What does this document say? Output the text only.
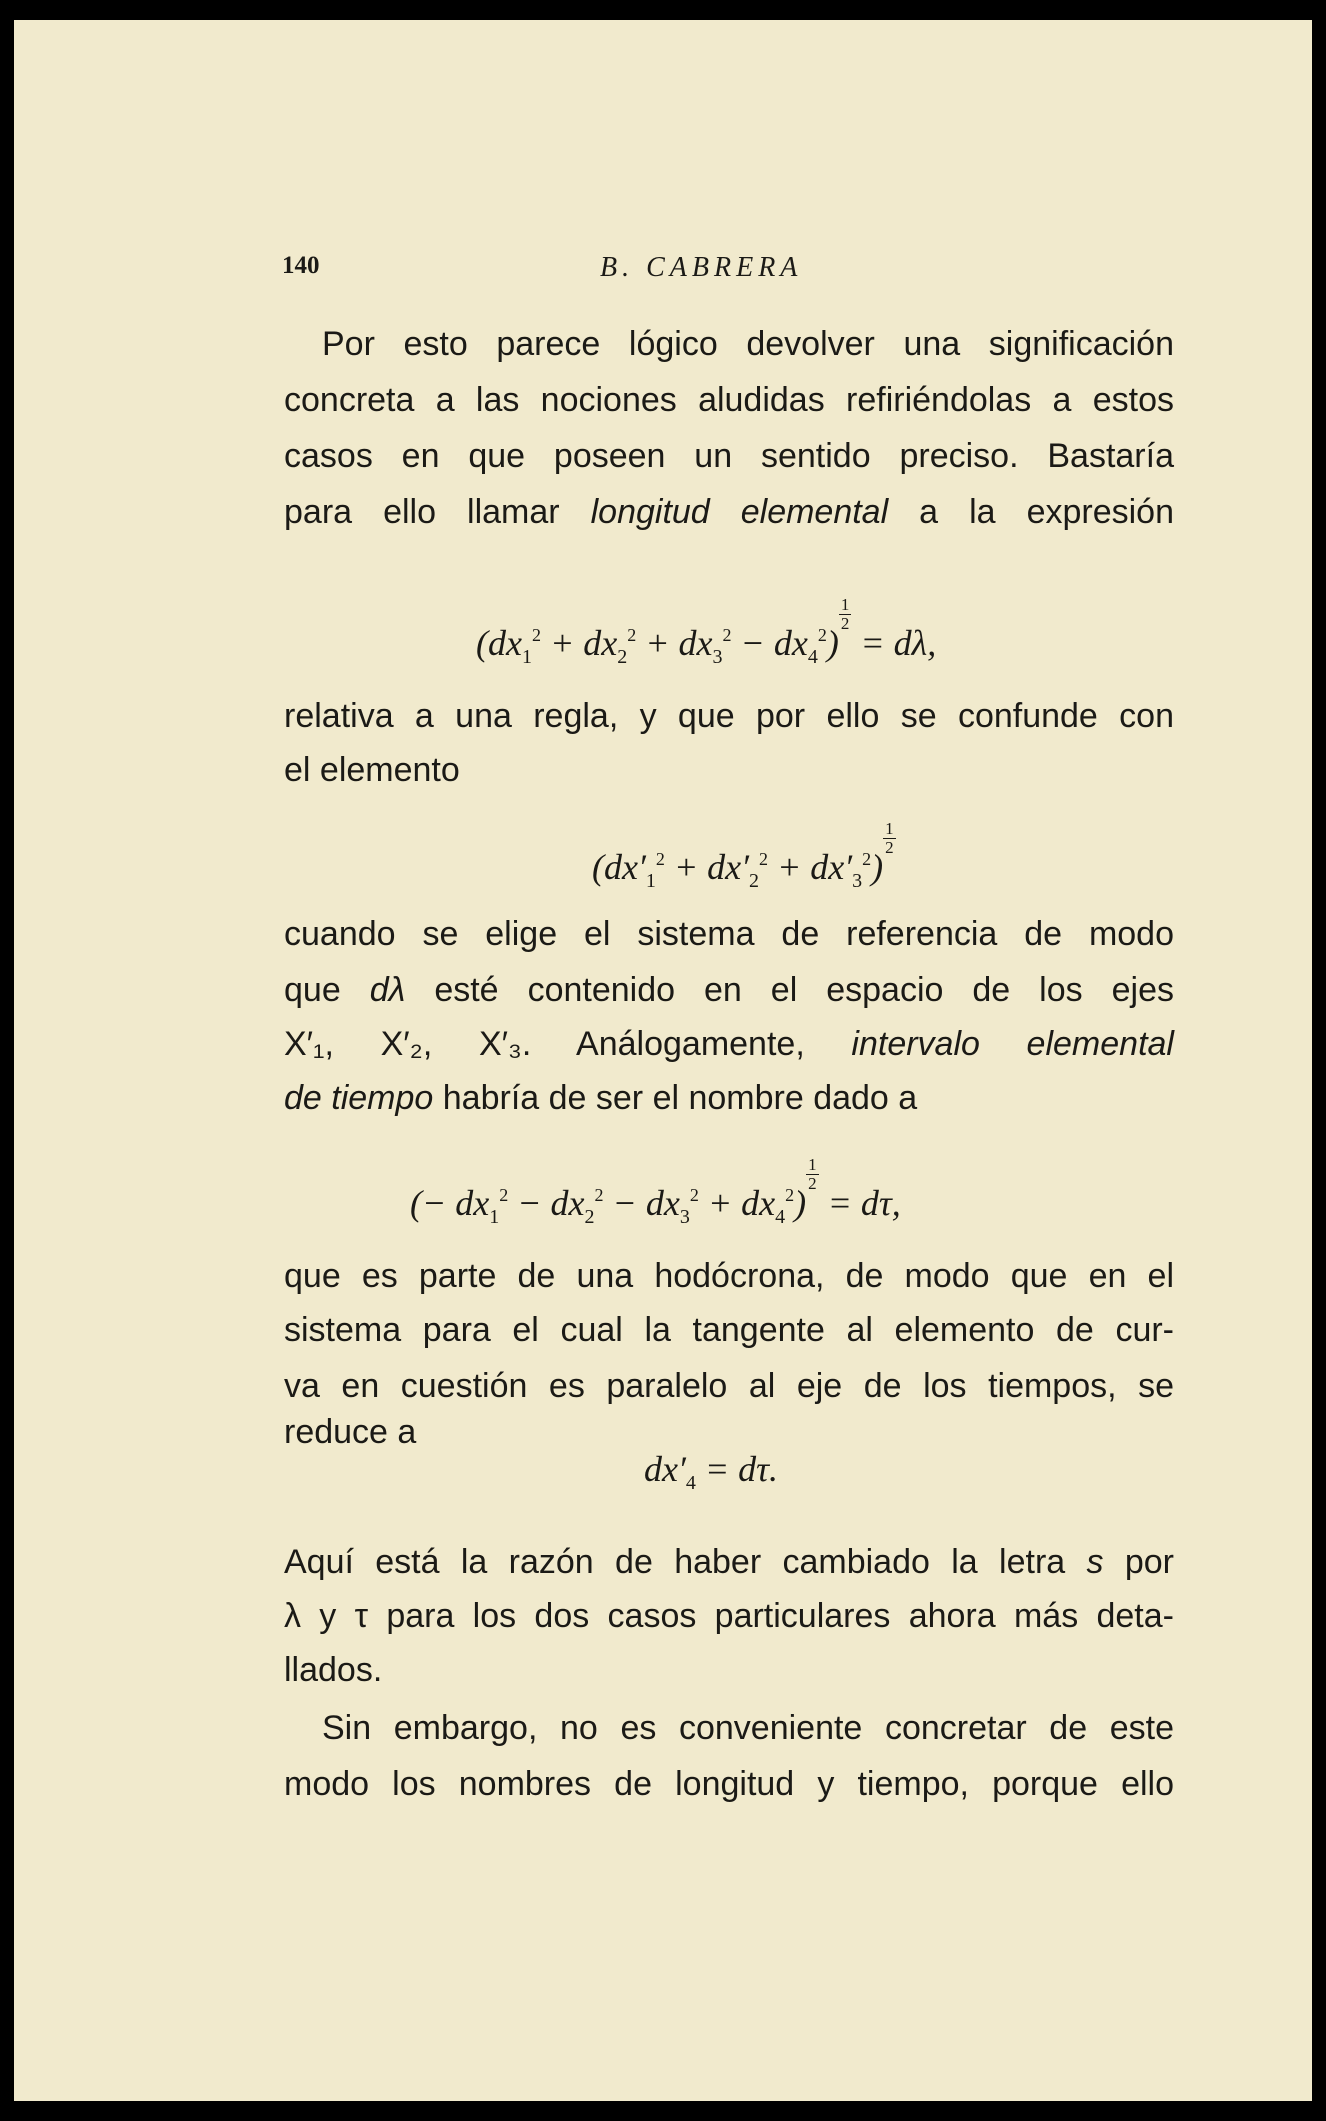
140	B. CABRERA
Por esto parece lógico devolver una significación
concreta a las nociones aludidas refiriéndolas a estos
casos en que poseen un sentido preciso. Bastaría
para ello llamar longitud elemental a la expresión
$(dx_1^2 + dx_2^2 + dx_3^2 - dx_4^2)$
$\frac{1}{2}$
= dλ,
relativa a una regla, y que por ello se confunde con
el elemento
$(dx'_1^2 + dx'_2^2 + dx'_3^2)$
$\frac{1}{2}$
cuando se elige el sistema de referencia de modo
que dλ esté contenido en el espacio de los ejes
X′₁, X′₂, X′₃. Análogamente, intervalo elemental
de tiempo habría de ser el nombre dado a
(− $dx_1^2 - dx_2^2 - dx_3^2 + dx_4^2$)
$\frac{1}{2}$
= dτ,
que es parte de una hodócrona, de modo que en el
sistema para el cual la tangente al elemento de cur-
va en cuestión es paralelo al eje de los tiempos, se
reduce a
$dx'_4 = d\tau$.
Aquí está la razón de haber cambiado la letra s por
λ y τ para los dos casos particulares ahora más deta-
llados.
Sin embargo, no es conveniente concretar de este
modo los nombres de longitud y tiempo, porque ello
